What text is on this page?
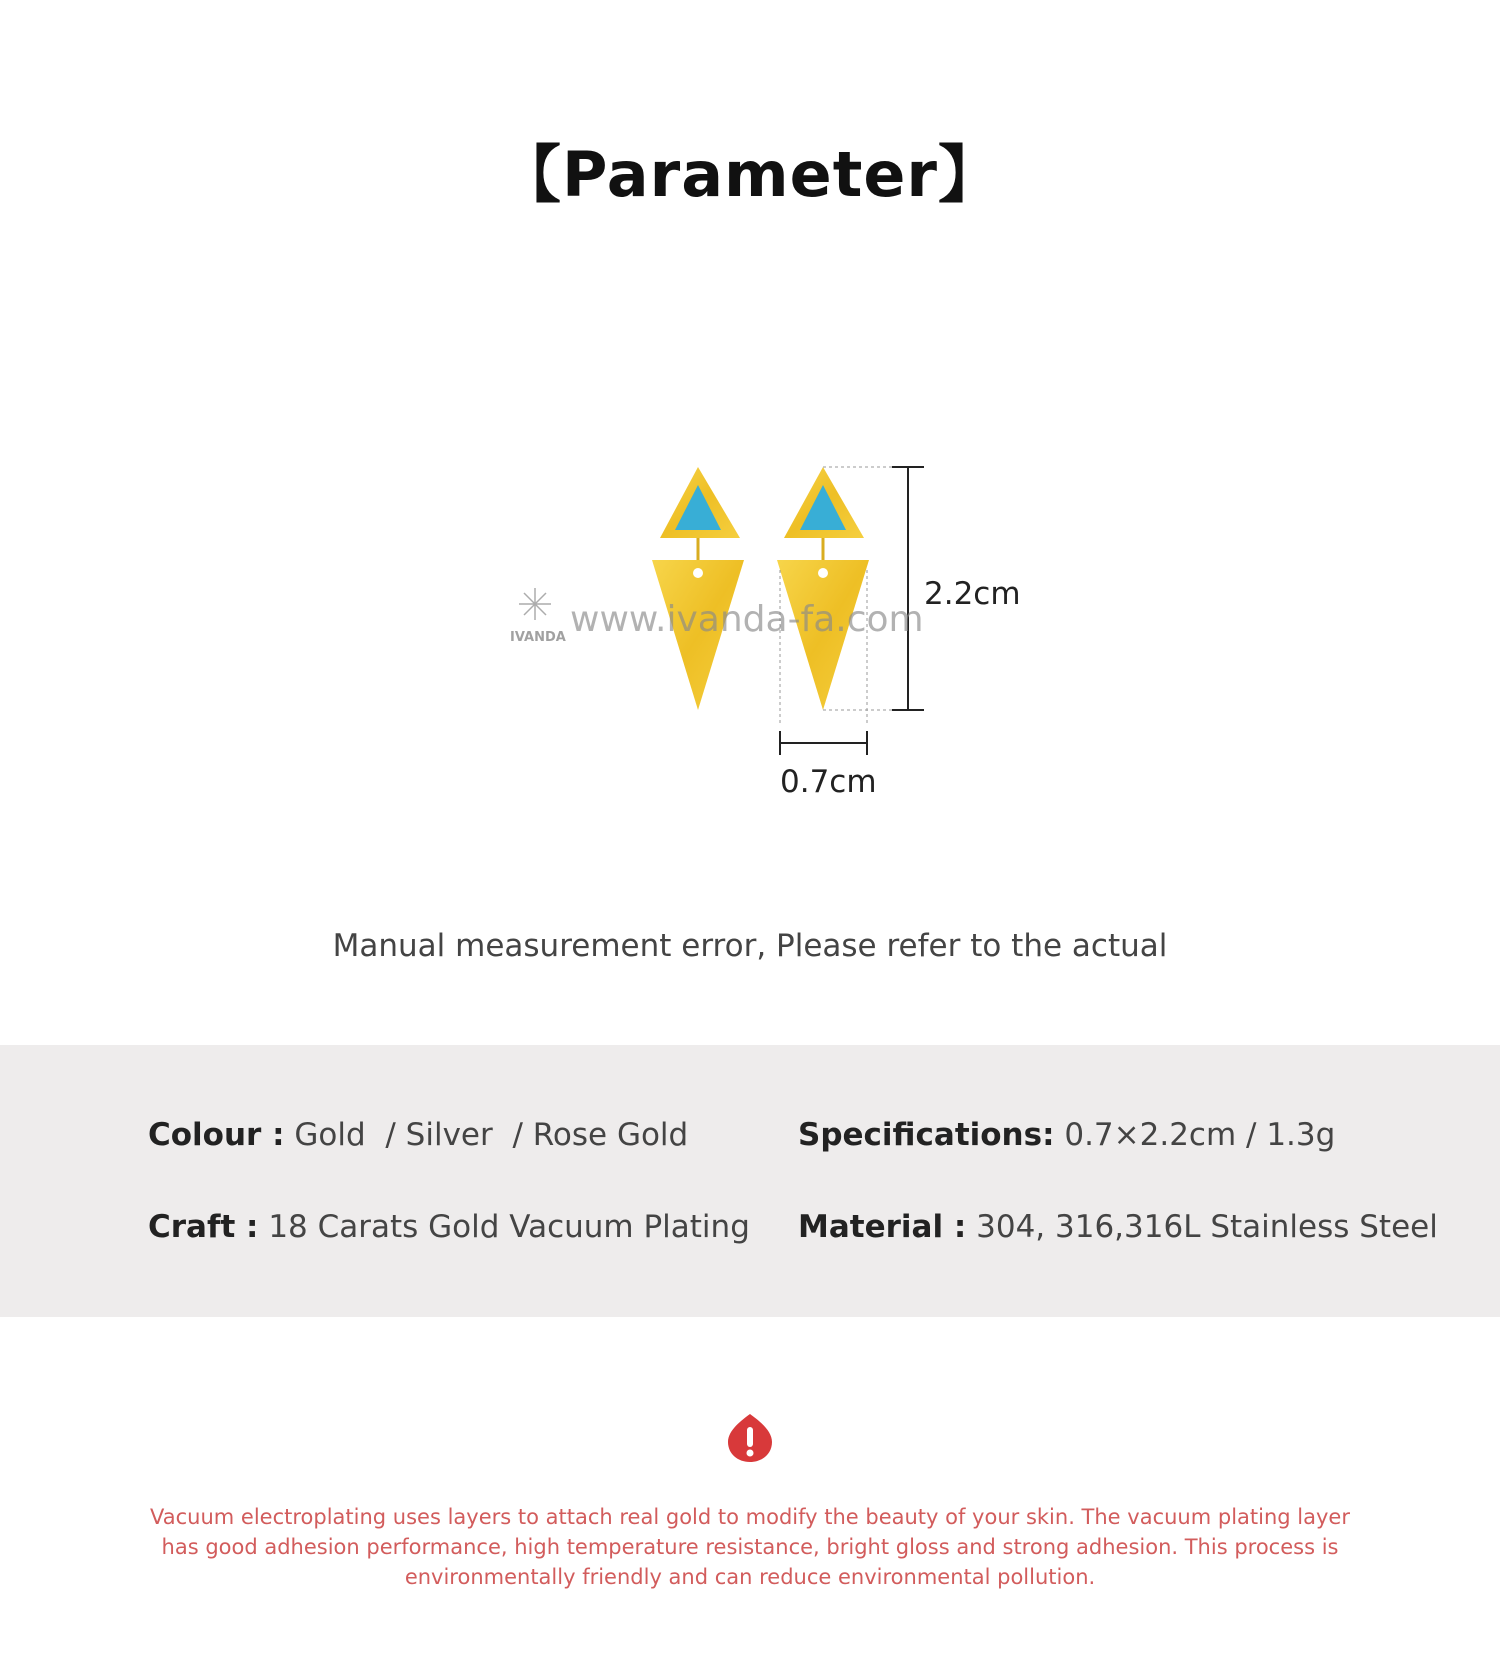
【Parameter】
2.2cm
0.7cm
IVANDA www.ivanda-fa.com
Manual measurement error, Please refer to the actual
Colour : Gold  / Silver  / Rose Gold
Craft : 18 Carats Gold Vacuum Plating
Specifications: 0.7×2.2cm / 1.3g
Material : 304, 316,316L Stainless Steel
Vacuum electroplating uses layers to attach real gold to modify the beauty of your skin. The vacuum plating layer has good adhesion performance, high temperature resistance, bright gloss and strong adhesion. This process is environmentally friendly and can reduce environmental pollution.
